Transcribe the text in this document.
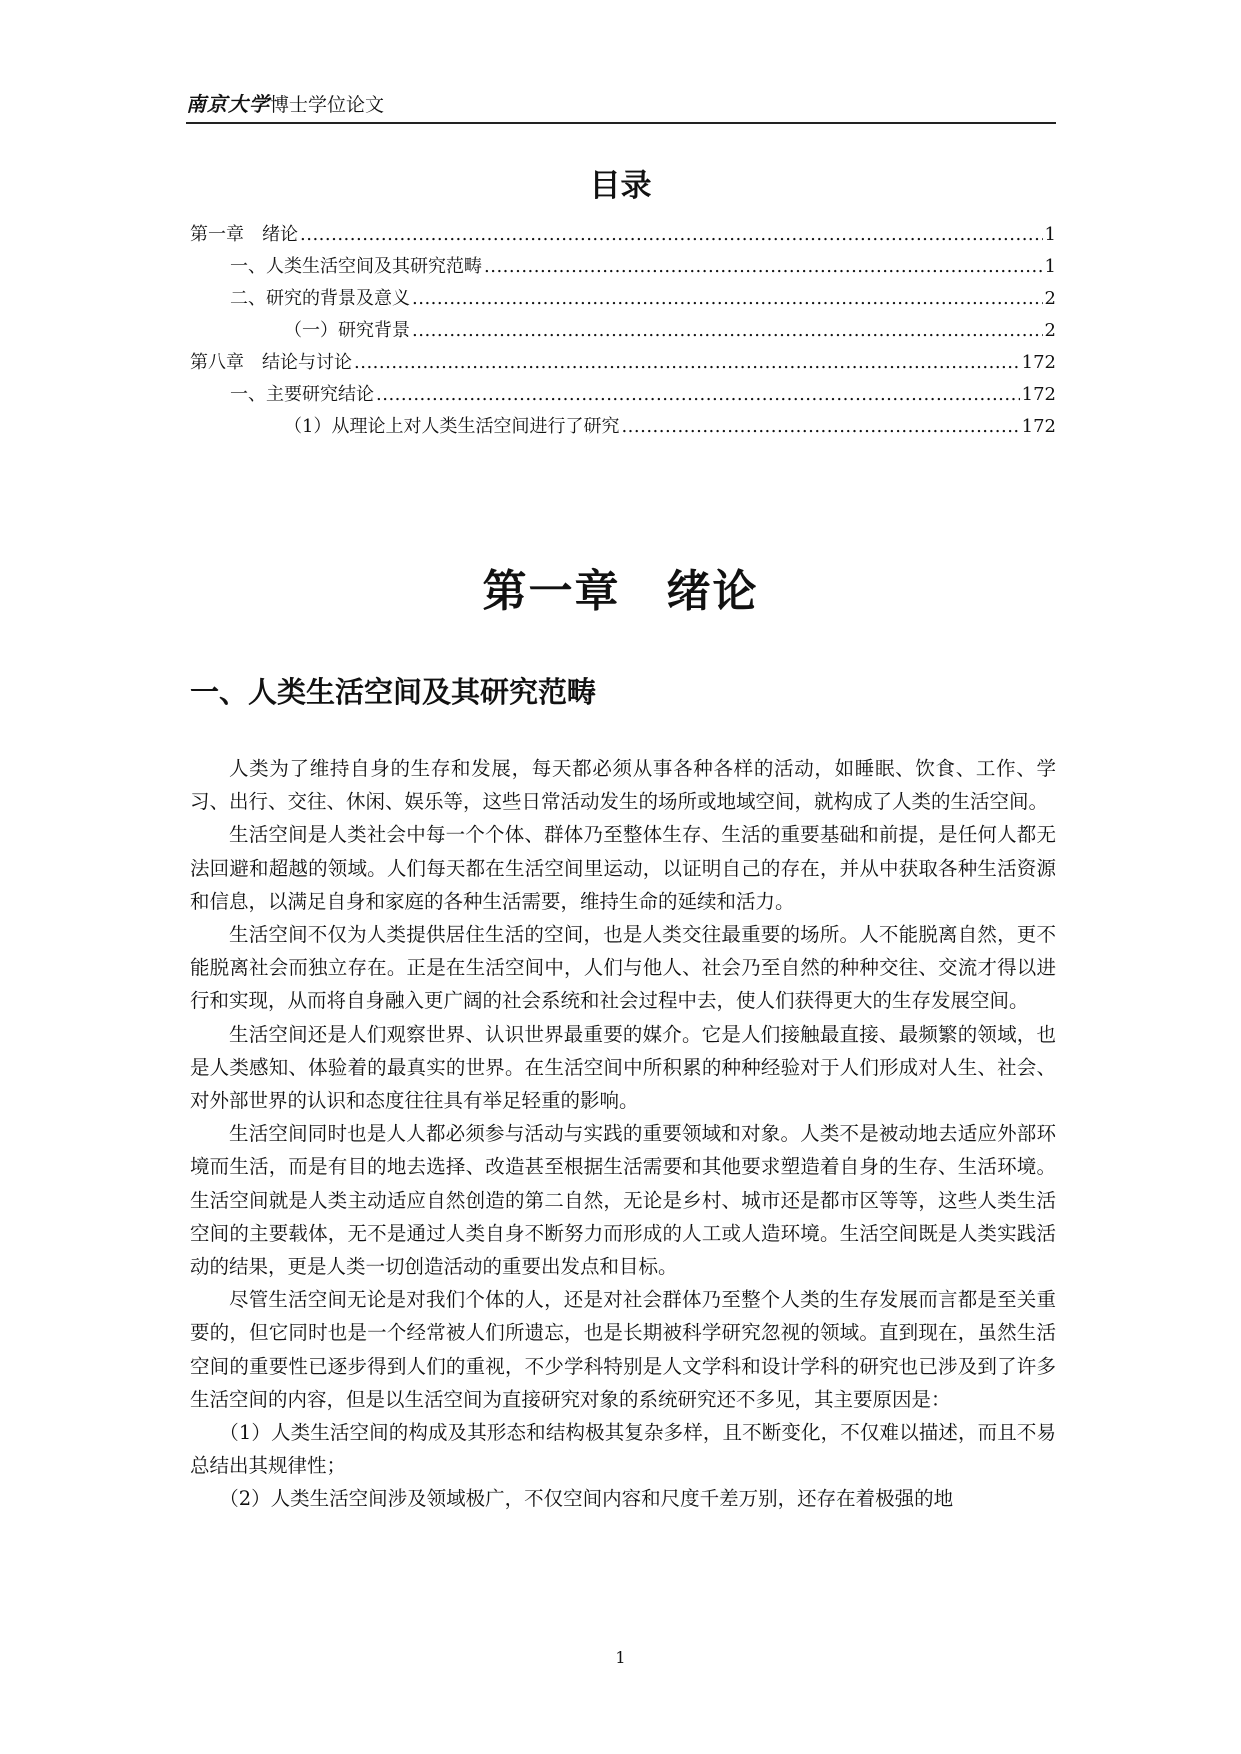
南京大学博士学位论文
目录
第一章　绪论 .....	1
一、人类生活空间及其研究范畴 .....	1
二、研究的背景及意义 .....	2
（一）研究背景 .....	2
第八章　结论与讨论 .....	172
一、主要研究结论 .....	172
（1）从理论上对人类生活空间进行了研究 .....	172
第一章　绪论
一、人类生活空间及其研究范畴

人类为了维持自身的生存和发展，每天都必须从事各种各样的活动，如睡眠、饮食、工作、学习、出行、交往、休闲、娱乐等，这些日常活动发生的场所或地域空间，就构成了人类的生活空间。

生活空间是人类社会中每一个个体、群体乃至整体生存、生活的重要基础和前提，是任何人都无法回避和超越的领域。人们每天都在生活空间里运动，以证明自己的存在，并从中获取各种生活资源和信息，以满足自身和家庭的各种生活需要，维持生命的延续和活力。

生活空间不仅为人类提供居住生活的空间，也是人类交往最重要的场所。人不能脱离自然，更不能脱离社会而独立存在。正是在生活空间中，人们与他人、社会乃至自然的种种交往、交流才得以进行和实现，从而将自身融入更广阔的社会系统和社会过程中去，使人们获得更大的生存发展空间。

生活空间还是人们观察世界、认识世界最重要的媒介。它是人们接触最直接、最频繁的领域，也是人类感知、体验着的最真实的世界。在生活空间中所积累的种种经验对于人们形成对人生、社会、对外部世界的认识和态度往往具有举足轻重的影响。

生活空间同时也是人人都必须参与活动与实践的重要领域和对象。人类不是被动地去适应外部环境而生活，而是有目的地去选择、改造甚至根据生活需要和其他要求塑造着自身的生存、生活环境。生活空间就是人类主动适应自然创造的第二自然，无论是乡村、城市还是都市区等等，这些人类生活空间的主要载体，无不是通过人类自身不断努力而形成的人工或人造环境。生活空间既是人类实践活动的结果，更是人类一切创造活动的重要出发点和目标。

尽管生活空间无论是对我们个体的人，还是对社会群体乃至整个人类的生存发展而言都是至关重要的，但它同时也是一个经常被人们所遗忘，也是长期被科学研究忽视的领域。直到现在，虽然生活空间的重要性已逐步得到人们的重视，不少学科特别是人文学科和设计学科的研究也已涉及到了许多生活空间的内容，但是以生活空间为直接研究对象的系统研究还不多见，其主要原因是：

（1）人类生活空间的构成及其形态和结构极其复杂多样，且不断变化，不仅难以描述，而且不易总结出其规律性；

（2）人类生活空间涉及领域极广，不仅空间内容和尺度千差万别，还存在着极强的地

1
